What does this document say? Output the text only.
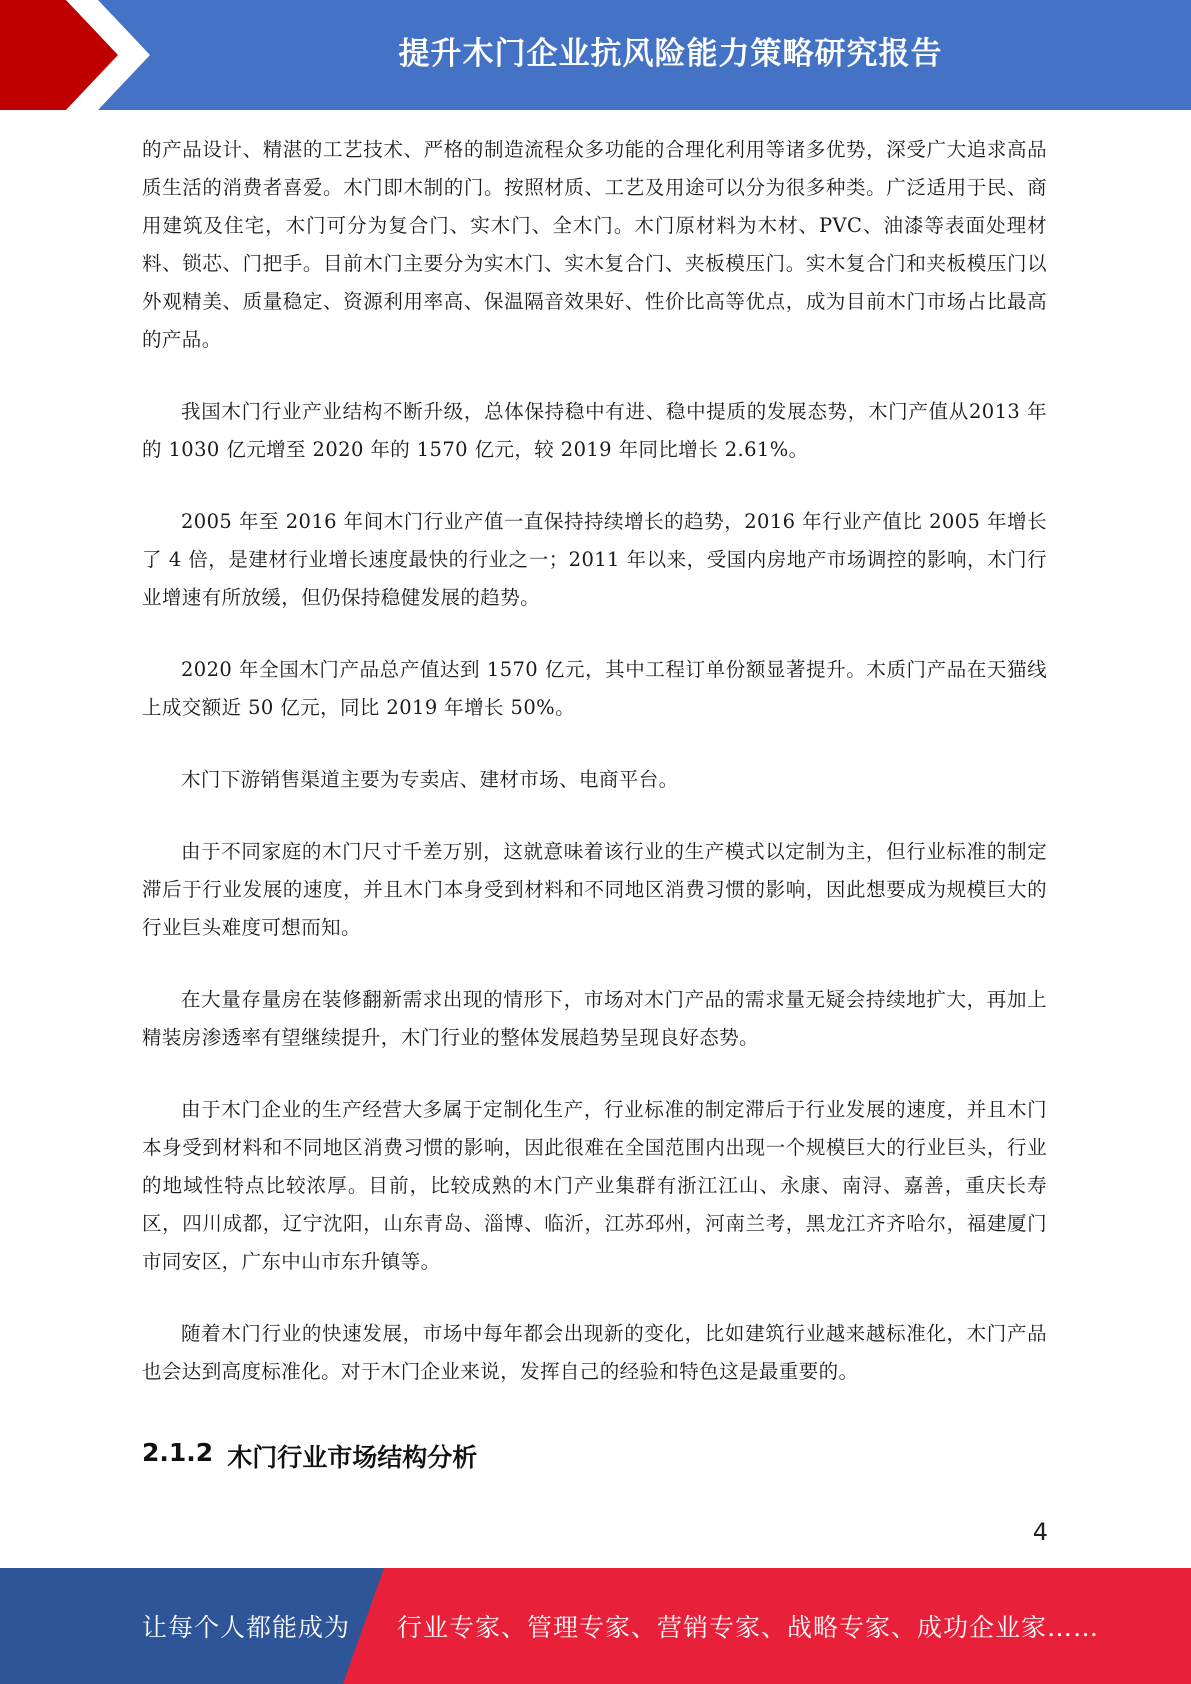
提升木门企业抗风险能力策略研究报告

的产品设计、精湛的工艺技术、严格的制造流程众多功能的合理化利用等诸多优势，深受广大追求高品质生活的消费者喜爱。木门即木制的门。按照材质、工艺及用途可以分为很多种类。广泛适用于民、商用建筑及住宅，木门可分为复合门、实木门、全木门。木门原材料为木材、PVC、油漆等表面处理材料、锁芯、门把手。目前木门主要分为实木门、实木复合门、夹板模压门。实木复合门和夹板模压门以外观精美、质量稳定、资源利用率高、保温隔音效果好、性价比高等优点，成为目前木门市场占比最高的产品。

我国木门行业产业结构不断升级，总体保持稳中有进、稳中提质的发展态势，木门产值从2013 年的 1030 亿元增至 2020 年的 1570 亿元，较 2019 年同比增长 2.61%。

2005 年至 2016 年间木门行业产值一直保持持续增长的趋势，2016 年行业产值比 2005 年增长了 4 倍，是建材行业增长速度最快的行业之一；2011 年以来，受国内房地产市场调控的影响，木门行业增速有所放缓，但仍保持稳健发展的趋势。

2020 年全国木门产品总产值达到 1570 亿元，其中工程订单份额显著提升。木质门产品在天猫线上成交额近 50 亿元，同比 2019 年增长 50%。

木门下游销售渠道主要为专卖店、建材市场、电商平台。

由于不同家庭的木门尺寸千差万别，这就意味着该行业的生产模式以定制为主，但行业标准的制定滞后于行业发展的速度，并且木门本身受到材料和不同地区消费习惯的影响，因此想要成为规模巨大的行业巨头难度可想而知。

在大量存量房在装修翻新需求出现的情形下，市场对木门产品的需求量无疑会持续地扩大，再加上精装房渗透率有望继续提升，木门行业的整体发展趋势呈现良好态势。

由于木门企业的生产经营大多属于定制化生产，行业标准的制定滞后于行业发展的速度，并且木门本身受到材料和不同地区消费习惯的影响，因此很难在全国范围内出现一个规模巨大的行业巨头，行业的地域性特点比较浓厚。目前，比较成熟的木门产业集群有浙江江山、永康、南浔、嘉善，重庆长寿区，四川成都，辽宁沈阳，山东青岛、淄博、临沂，江苏邳州，河南兰考，黑龙江齐齐哈尔，福建厦门市同安区，广东中山市东升镇等。

随着木门行业的快速发展，市场中每年都会出现新的变化，比如建筑行业越来越标准化，木门产品也会达到高度标准化。对于木门企业来说，发挥自己的经验和特色这是最重要的。

2.1.2 木门行业市场结构分析
4
让每个人都能成为 行业专家、管理专家、营销专家、战略专家、成功企业家……
